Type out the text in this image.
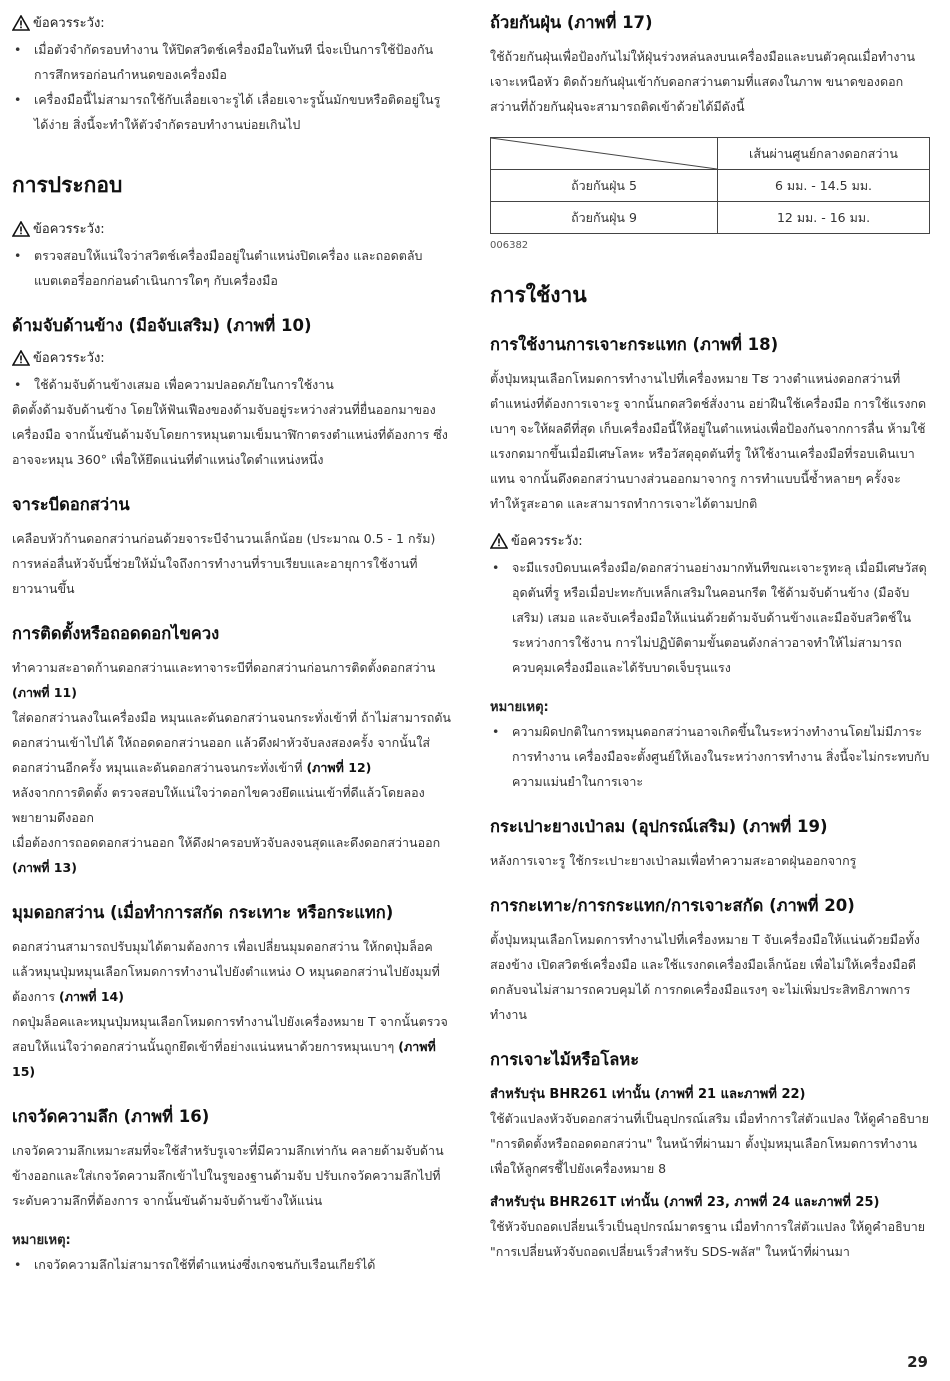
ข้อควรระวัง:
• เมื่อตัวจำกัดรอบทำงาน ให้ปิดสวิตช์เครื่องมือในทันที นี่จะเป็นการใช้ป้องกันการสึกหรอก่อนกำหนดของเครื่องมือ
• เครื่องมือนี้ไม่สามารถใช้กับเลื่อยเจาะรูได้ เลื่อยเจาะรูนั้นมักขบหรือติดอยู่ในรูได้ง่าย สิ่งนี้จะทำให้ตัวจำกัดรอบทำงานบ่อยเกินไป
การประกอบ
ข้อควรระวัง:
• ตรวจสอบให้แน่ใจว่าสวิตช์เครื่องมืออยู่ในตำแหน่งปิดเครื่อง และถอดตลับแบตเตอรี่ออกก่อนดำเนินการใดๆ กับเครื่องมือ
ด้ามจับด้านข้าง (มือจับเสริม) (ภาพที่ 10)
ข้อควรระวัง:
• ใช้ด้ามจับด้านข้างเสมอ เพื่อความปลอดภัยในการใช้งาน

ติดตั้งด้ามจับด้านข้าง โดยให้ฟันเฟืองของด้ามจับอยู่ระหว่างส่วนที่ยื่นออกมาของเครื่องมือ จากนั้นขันด้ามจับโดยการหมุนตามเข็มนาฬิกาตรงตำแหน่งที่ต้องการ ซึ่งอาจจะหมุน 360° เพื่อให้ยึดแน่นที่ตำแหน่งใดตำแหน่งหนึ่ง

จาระบีดอกสว่าน

เคลือบหัวก้านดอกสว่านก่อนด้วยจาระบีจำนวนเล็กน้อย (ประมาณ 0.5 - 1 กรัม) การหล่อลื่นหัวจับนี้ช่วยให้มั่นใจถึงการทำงานที่ราบเรียบและอายุการใช้งานที่ยาวนานขึ้น

การติดตั้งหรือถอดดอกไขควง

ทำความสะอาดก้านดอกสว่านและทาจาระบีที่ดอกสว่านก่อนการติดตั้งดอกสว่าน (ภาพที่ 11)

ใส่ดอกสว่านลงในเครื่องมือ หมุนและดันดอกสว่านจนกระทั่งเข้าที่ ถ้าไม่สามารถดันดอกสว่านเข้าไปได้ ให้ถอดดอกสว่านออก แล้วดึงฝาหัวจับลงสองครั้ง จากนั้นใส่ดอกสว่านอีกครั้ง หมุนและดันดอกสว่านจนกระทั่งเข้าที่ (ภาพที่ 12)

หลังจากการติดตั้ง ตรวจสอบให้แน่ใจว่าดอกไขควงยึดแน่นเข้าที่ดีแล้วโดยลองพยายามดึงออก

เมื่อต้องการถอดดอกสว่านออก ให้ดึงฝาครอบหัวจับลงจนสุดและดึงดอกสว่านออก (ภาพที่ 13)

มุมดอกสว่าน (เมื่อทำการสกัด กระเทาะ หรือกระแทก)

ดอกสว่านสามารถปรับมุมได้ตามต้องการ เพื่อเปลี่ยนมุมดอกสว่าน ให้กดปุ่มล็อคแล้วหมุนปุ่มหมุนเลือกโหมดการทำงานไปยังตำแหน่ง O หมุนดอกสว่านไปยังมุมที่ต้องการ (ภาพที่ 14)

กดปุ่มล็อคและหมุนปุ่มหมุนเลือกโหมดการทำงานไปยังเครื่องหมาย T จากนั้นตรวจสอบให้แน่ใจว่าดอกสว่านนั้นถูกยึดเข้าที่อย่างแน่นหนาด้วยการหมุนเบาๆ (ภาพที่ 15)

เกจวัดความลึก (ภาพที่ 16)

เกจวัดความลึกเหมาะสมที่จะใช้สำหรับรูเจาะที่มีความลึกเท่ากัน คลายด้ามจับด้านข้างออกและใส่เกจวัดความลึกเข้าไปในรูของฐานด้ามจับ ปรับเกจวัดความลึกไปที่ระดับความลึกที่ต้องการ จากนั้นขันด้ามจับด้านข้างให้แน่น

หมายเหตุ:
• เกจวัดความลึกไม่สามารถใช้ที่ตำแหน่งซึ่งเกจชนกับเรือนเกียร์ได้
ถ้วยกันฝุ่น (ภาพที่ 17)

ใช้ถ้วยกันฝุ่นเพื่อป้องกันไม่ให้ฝุ่นร่วงหล่นลงบนเครื่องมือและบนตัวคุณเมื่อทำงานเจาะเหนือหัว ติดถ้วยกันฝุ่นเข้ากับดอกสว่านตามที่แสดงในภาพ ขนาดของดอกสว่านที่ถ้วยกันฝุ่นจะสามารถติดเข้าด้วยได้มีดังนี้

	เส้นผ่านศูนย์กลางดอกสว่าน
ถ้วยกันฝุ่น 5	6 มม. - 14.5 มม.
ถ้วยกันฝุ่น 9	12 มม. - 16 มม.
006382
การใช้งาน
การใช้งานการเจาะกระแทก (ภาพที่ 18)

ตั้งปุ่มหมุนเลือกโหมดการทำงานไปที่เครื่องหมาย Tຮ วางตำแหน่งดอกสว่านที่ตำแหน่งที่ต้องการเจาะรู จากนั้นกดสวิตช์สั่งงาน อย่าฝืนใช้เครื่องมือ การใช้แรงกดเบาๆ จะให้ผลดีที่สุด เก็บเครื่องมือนี้ให้อยู่ในตำแหน่งเพื่อป้องกันจากการลื่น ห้ามใช้แรงกดมากขึ้นเมื่อมีเศษโลหะ หรือวัสดุอุดตันที่รู ให้ใช้งานเครื่องมือที่รอบเดินเบาแทน จากนั้นดึงดอกสว่านบางส่วนออกมาจากรู การทำแบบนี้ซ้ำหลายๆ ครั้งจะทำให้รูสะอาด และสามารถทำการเจาะได้ตามปกติ

ข้อควรระวัง:
• จะมีแรงบิดบนเครื่องมือ/ดอกสว่านอย่างมากทันทีขณะเจาะรูทะลุ เมื่อมีเศษวัสดุอุดตันที่รู หรือเมื่อปะทะกับเหล็กเสริมในคอนกรีต ใช้ด้ามจับด้านข้าง (มือจับเสริม) เสมอ และจับเครื่องมือให้แน่นด้วยด้ามจับด้านข้างและมือจับสวิตช์ในระหว่างการใช้งาน การไม่ปฏิบัติตามขั้นตอนดังกล่าวอาจทำให้ไม่สามารถควบคุมเครื่องมือและได้รับบาดเจ็บรุนแรง
หมายเหตุ:
• ความผิดปกติในการหมุนดอกสว่านอาจเกิดขึ้นในระหว่างทำงานโดยไม่มีภาระการทำงาน เครื่องมือจะตั้งศูนย์ให้เองในระหว่างการทำงาน สิ่งนี้จะไม่กระทบกับความแม่นยำในการเจาะ
กระเปาะยางเป่าลม (อุปกรณ์เสริม) (ภาพที่ 19)

หลังการเจาะรู ใช้กระเปาะยางเป่าลมเพื่อทำความสะอาดฝุ่นออกจากรู

การกะเทาะ/การกระแทก/การเจาะสกัด (ภาพที่ 20)

ตั้งปุ่มหมุนเลือกโหมดการทำงานไปที่เครื่องหมาย T จับเครื่องมือให้แน่นด้วยมือทั้งสองข้าง เปิดสวิตช์เครื่องมือ และใช้แรงกดเครื่องมือเล็กน้อย เพื่อไม่ให้เครื่องมือดีดกลับจนไม่สามารถควบคุมได้ การกดเครื่องมือแรงๆ จะไม่เพิ่มประสิทธิภาพการทำงาน

การเจาะไม้หรือโลหะ
สำหรับรุ่น BHR261 เท่านั้น (ภาพที่ 21 และภาพที่ 22)

ใช้ตัวแปลงหัวจับดอกสว่านที่เป็นอุปกรณ์เสริม เมื่อทำการใส่ตัวแปลง ให้ดูคำอธิบาย "การติดตั้งหรือถอดดอกสว่าน" ในหน้าที่ผ่านมา ตั้งปุ่มหมุนเลือกโหมดการทำงานเพื่อให้ลูกศรชี้ไปยังเครื่องหมาย 8

สำหรับรุ่น BHR261T เท่านั้น (ภาพที่ 23, ภาพที่ 24 และภาพที่ 25)

ใช้หัวจับถอดเปลี่ยนเร็วเป็นอุปกรณ์มาตรฐาน เมื่อทำการใส่ตัวแปลง ให้ดูคำอธิบาย "การเปลี่ยนหัวจับถอดเปลี่ยนเร็วสำหรับ SDS-พลัส" ในหน้าที่ผ่านมา

29
